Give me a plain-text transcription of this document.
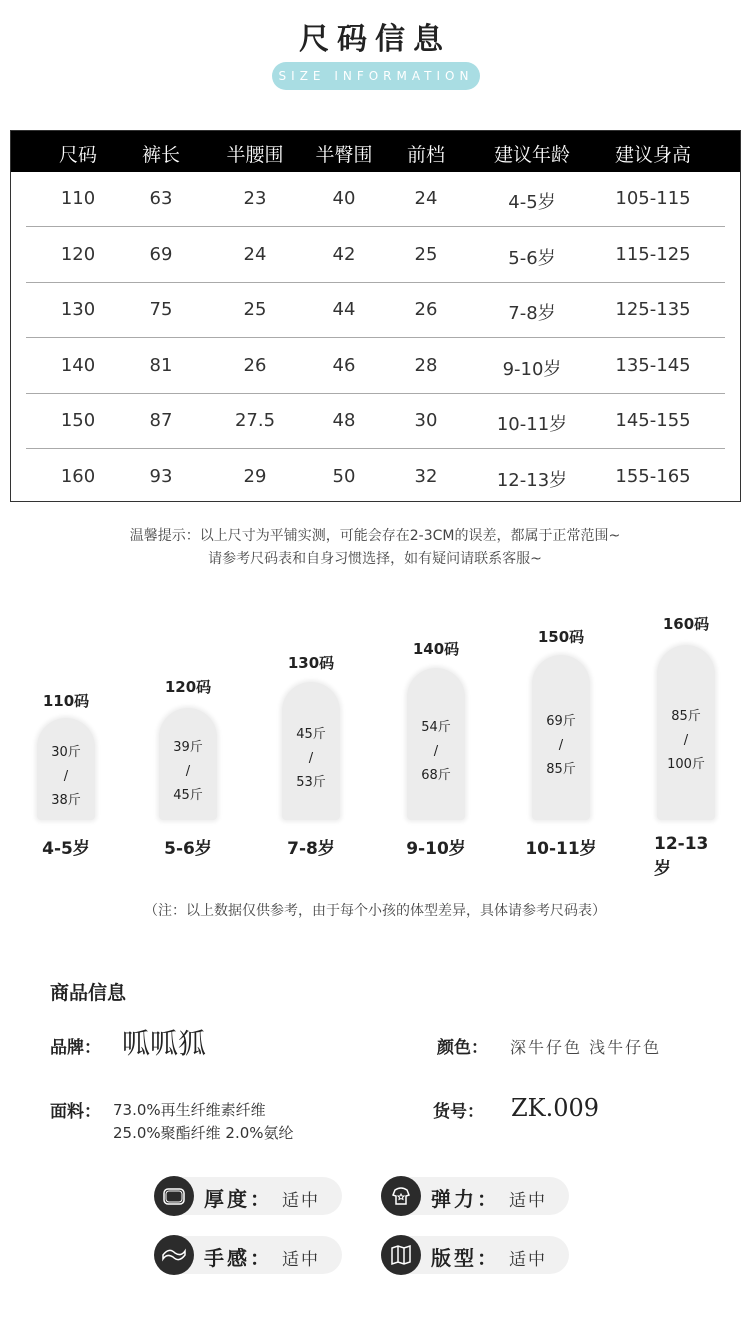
尺码信息
SIZE INFORMATION
尺码 裤长 半腰围 半臀围 前档	建议年龄 建议身高
110	63	23	40	24	4-5岁	105-115
120	69	24	42	25	5-6岁	115-125
130	75	25	44	26	7-8岁	125-135
140	81	26	46	28	9-10岁	135-145
150	87	27.5	48	30	10-11岁	145-155
160	93	29	50	32	12-13岁	155-165
温馨提示：以上尺寸为平铺实测，可能会存在2-3CM的误差，都属于正常范围~
请参考尺码表和自身习惯选择，如有疑问请联系客服~
110码
30斤
/
38斤
4-5岁
120码
39斤
/
45斤
5-6岁
130码
45斤
/
53斤
7-8岁
140码
54斤
/
68斤
9-10岁
150码
69斤
/
85斤
10-11岁
160码
85斤
/
100斤
12-13岁
（注：以上数据仅供参考，由于每个小孩的体型差异，具体请参考尺码表）
商品信息
品牌： 呱呱狐	颜色： 深牛仔色 浅牛仔色
面料： 73.0%再生纤维素纤维
25.0%聚酯纤维 2.0%氨纶
货号： ZK.009
厚度： 适中	弹力： 适中
手感： 适中	版型： 适中
